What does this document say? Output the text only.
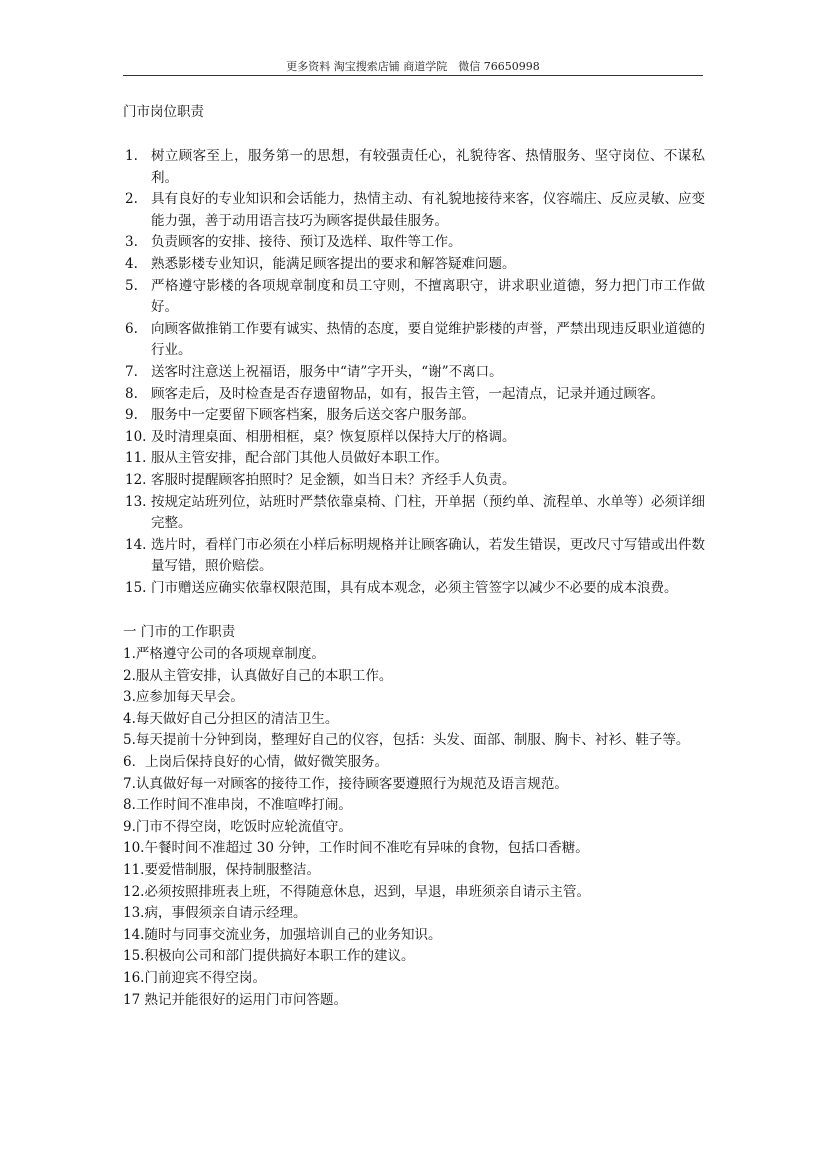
更多资料 淘宝搜索店铺 商道学院　微信 76650998
门市岗位职责
1. 树立顾客至上，服务第一的思想，有较强责任心，礼貌待客、热情服务、坚守岗位、不谋私利。
2. 具有良好的专业知识和会话能力，热情主动、有礼貌地接待来客，仪容端庄、反应灵敏、应变能力强，善于动用语言技巧为顾客提供最佳服务。
3. 负责顾客的安排、接待、预订及选样、取件等工作。
4. 熟悉影楼专业知识，能满足顾客提出的要求和解答疑难问题。
5. 严格遵守影楼的各项规章制度和员工守则，不擅离职守，讲求职业道德，努力把门市工作做好。
6. 向顾客做推销工作要有诚实、热情的态度，要自觉维护影楼的声誉，严禁出现违反职业道德的行业。
7. 送客时注意送上祝福语，服务中“请”字开头，“谢”不离口。
8. 顾客走后，及时检查是否存遗留物品，如有，报告主管，一起清点，记录并通过顾客。
9. 服务中一定要留下顾客档案，服务后送交客户服务部。
10. 及时清理桌面、相册相框，桌？恢复原样以保持大厅的格调。
11. 服从主管安排，配合部门其他人员做好本职工作。
12. 客服时提醒顾客拍照时？足金额，如当日未？齐经手人负责。
13. 按规定站班列位，站班时严禁依靠桌椅、门柱，开单据（预约单、流程单、水单等）必须详细完整。
14. 选片时，看样门市必须在小样后标明规格并让顾客确认，若发生错误，更改尺寸写错或出件数量写错，照价赔偿。
15. 门市赠送应确实依靠权限范围，具有成本观念，必须主管签字以减少不必要的成本浪费。
一 门市的工作职责
1.严格遵守公司的各项规章制度。
2.服从主管安排，认真做好自己的本职工作。
3.应参加每天早会。
4.每天做好自己分担区的清洁卫生。
5.每天提前十分钟到岗，整理好自己的仪容，包括：头发、面部、制服、胸卡、衬衫、鞋子等。
6．上岗后保持良好的心情，做好微笑服务。
7.认真做好每一对顾客的接待工作，接待顾客要遵照行为规范及语言规范。
8.工作时间不准串岗，不准喧哗打闹。
9.门市不得空岗，吃饭时应轮流值守。
10.午餐时间不准超过 30 分钟，工作时间不准吃有异味的食物，包括口香糖。
11.要爱惜制服，保持制服整洁。
12.必须按照排班表上班，不得随意休息，迟到，早退，串班须亲自请示主管。
13.病，事假须亲自请示经理。
14.随时与同事交流业务，加强培训自己的业务知识。
15.积极向公司和部门提供搞好本职工作的建议。
16.门前迎宾不得空岗。
17 熟记并能很好的运用门市问答题。
